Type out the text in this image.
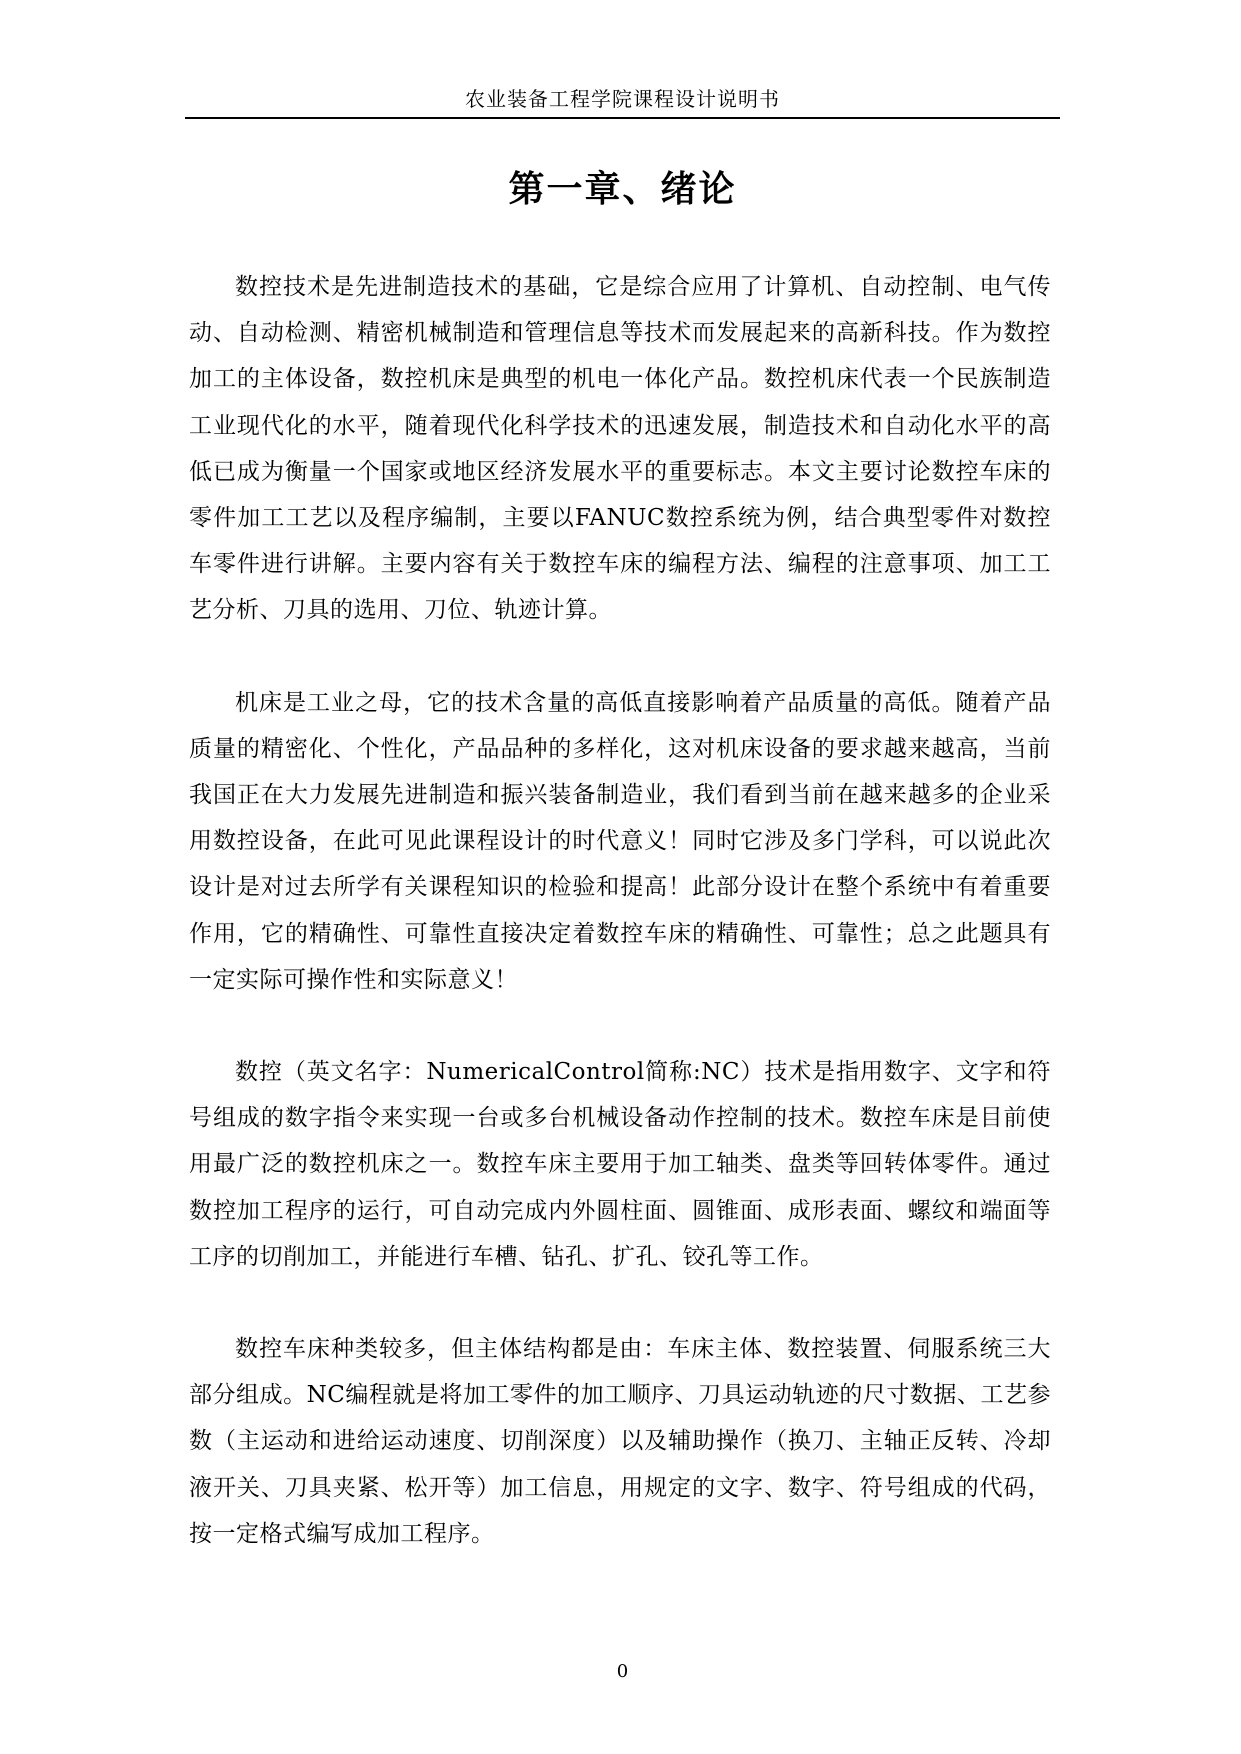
农业装备工程学院课程设计说明书
第一章、绪论

数控技术是先进制造技术的基础，它是综合应用了计算机、自动控制、电气传动、自动检测、精密机械制造和管理信息等技术而发展起来的高新科技。作为数控加工的主体设备，数控机床是典型的机电一体化产品。数控机床代表一个民族制造工业现代化的水平，随着现代化科学技术的迅速发展，制造技术和自动化水平的高低已成为衡量一个国家或地区经济发展水平的重要标志。本文主要讨论数控车床的零件加工工艺以及程序编制，主要以FANUC数控系统为例，结合典型零件对数控车零件进行讲解。主要内容有关于数控车床的编程方法、编程的注意事项、加工工艺分析、刀具的选用、刀位、轨迹计算。

机床是工业之母，它的技术含量的高低直接影响着产品质量的高低。随着产品质量的精密化、个性化，产品品种的多样化，这对机床设备的要求越来越高，当前我国正在大力发展先进制造和振兴装备制造业，我们看到当前在越来越多的企业采用数控设备，在此可见此课程设计的时代意义！同时它涉及多门学科，可以说此次设计是对过去所学有关课程知识的检验和提高！此部分设计在整个系统中有着重要作用，它的精确性、可靠性直接决定着数控车床的精确性、可靠性；总之此题具有一定实际可操作性和实际意义！

数控（英文名字：NumericalControl简称:NC）技术是指用数字、文字和符号组成的数字指令来实现一台或多台机械设备动作控制的技术。数控车床是目前使用最广泛的数控机床之一。数控车床主要用于加工轴类、盘类等回转体零件。通过数控加工程序的运行，可自动完成内外圆柱面、圆锥面、成形表面、螺纹和端面等工序的切削加工，并能进行车槽、钻孔、扩孔、铰孔等工作。

数控车床种类较多，但主体结构都是由：车床主体、数控装置、伺服系统三大部分组成。NC编程就是将加工零件的加工顺序、刀具运动轨迹的尺寸数据、工艺参数（主运动和进给运动速度、切削深度）以及辅助操作（换刀、主轴正反转、冷却液开关、刀具夹紧、松开等）加工信息，用规定的文字、数字、符号组成的代码，按一定格式编写成加工程序。

0
